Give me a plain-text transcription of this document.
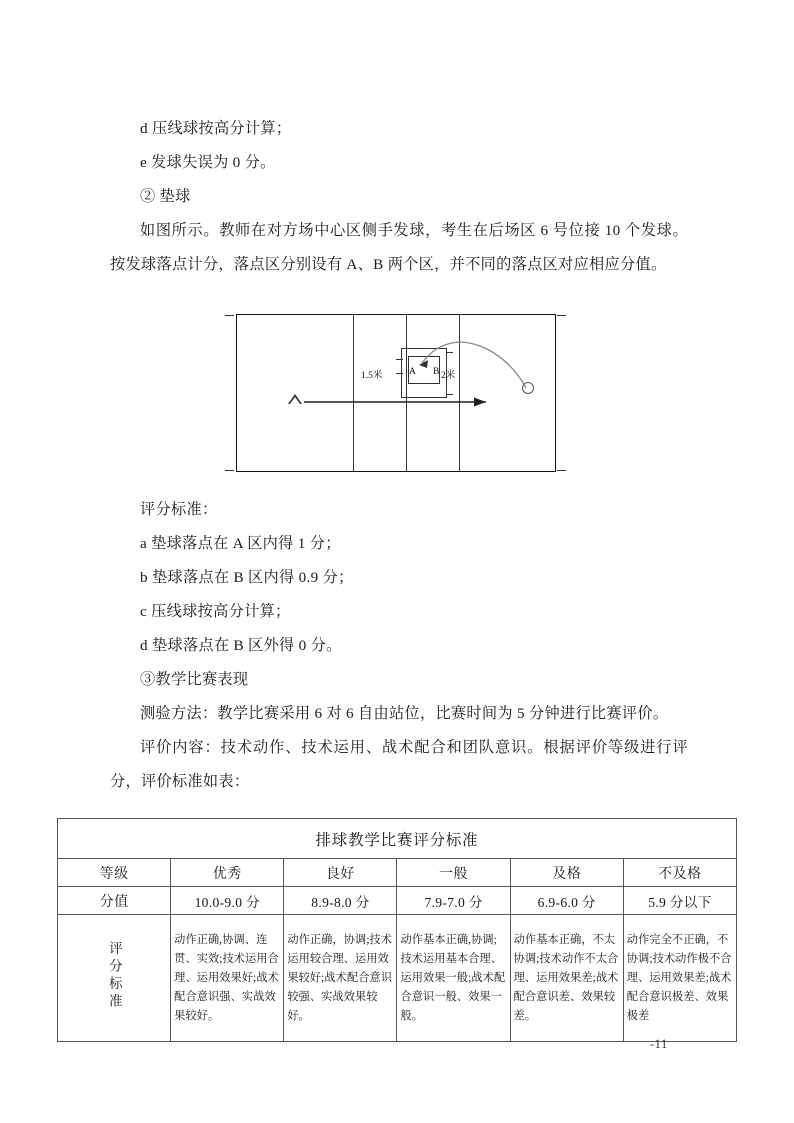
d 压线球按高分计算；

e 发球失误为 0 分。

② 垫球

如图所示。教师在对方场中心区侧手发球，考生在后场区 6 号位接 10 个发球。按发球落点计分，落点区分别设有 A、B 两个区，并不同的落点区对应相应分值。

A B
1.5米	2米

评分标准：

a 垫球落点在 A 区内得 1 分；

b 垫球落点在 B 区内得 0.9 分；

c 压线球按高分计算；

d 垫球落点在 B 区外得 0 分。

③教学比赛表现

测验方法：教学比赛采用 6 对 6 自由站位，比赛时间为 5 分钟进行比赛评价。

评价内容：技术动作、技术运用、战术配合和团队意识。根据评价等级进行评分，评价标准如表：

排球教学比赛评分标准					
等级	优秀	良好	一般	及格	不及格
分值	10.0-9.0 分	8.9-8.0 分	7.9-7.0 分	6.9-6.0 分	5.9 分以下
评分标准	动作正确,协调、连贯、实效;技术运用合理、运用效果好;战术配合意识强、实战效果较好。	动作正确，协调;技术运用较合理、运用效果较好;战术配合意识较强、实战效果较好。	动作基本正确,协调;技术运用基本合理、运用效果一般;战术配合意识一般、效果一般。	动作基本正确，不太协调;技术动作不太合理、运用效果差;战术配合意识差、效果较差。	动作完全不正确，不协调;技术动作极不合理、运用效果差;战术配合意识极差、效果极差
-11
